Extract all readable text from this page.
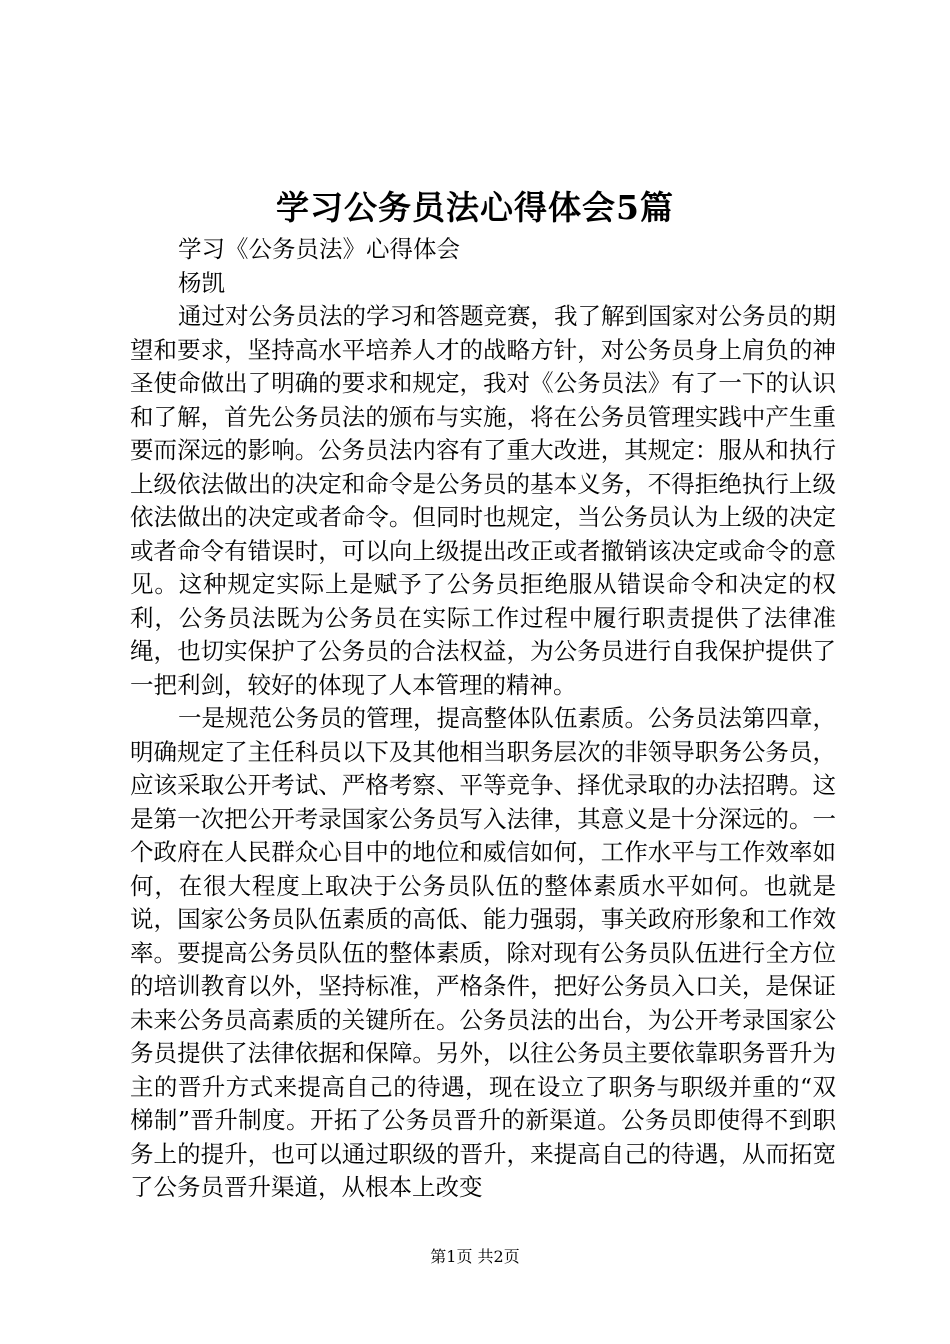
学习公务员法心得体会5篇

学习《公务员法》心得体会

杨凯

通过对公务员法的学习和答题竞赛，我了解到国家对公务员的期望和要求，坚持高水平培养人才的战略方针，对公务员身上肩负的神圣使命做出了明确的要求和规定，我对《公务员法》有了一下的认识和了解，首先公务员法的颁布与实施，将在公务员管理实践中产生重要而深远的影响。公务员法内容有了重大改进，其规定：服从和执行上级依法做出的决定和命令是公务员的基本义务，不得拒绝执行上级依法做出的决定或者命令。但同时也规定，当公务员认为上级的决定或者命令有错误时，可以向上级提出改正或者撤销该决定或命令的意见。这种规定实际上是赋予了公务员拒绝服从错误命令和决定的权利，公务员法既为公务员在实际工作过程中履行职责提供了法律准绳，也切实保护了公务员的合法权益，为公务员进行自我保护提供了一把利剑，较好的体现了人本管理的精神。

一是规范公务员的管理，提高整体队伍素质。公务员法第四章，明确规定了主任科员以下及其他相当职务层次的非领导职务公务员，应该采取公开考试、严格考察、平等竞争、择优录取的办法招聘。这是第一次把公开考录国家公务员写入法律，其意义是十分深远的。一个政府在人民群众心目中的地位和威信如何，工作水平与工作效率如何，在很大程度上取决于公务员队伍的整体素质水平如何。也就是说，国家公务员队伍素质的高低、能力强弱，事关政府形象和工作效率。要提高公务员队伍的整体素质，除对现有公务员队伍进行全方位的培训教育以外，坚持标准，严格条件，把好公务员入口关，是保证未来公务员高素质的关键所在。公务员法的出台，为公开考录国家公务员提供了法律依据和保障。另外，以往公务员主要依靠职务晋升为主的晋升方式来提高自己的待遇，现在设立了职务与职级并重的“双梯制”晋升制度。开拓了公务员晋升的新渠道。公务员即使得不到职务上的提升，也可以通过职级的晋升，来提高自己的待遇，从而拓宽了公务员晋升渠道，从根本上改变

第1页 共2页
